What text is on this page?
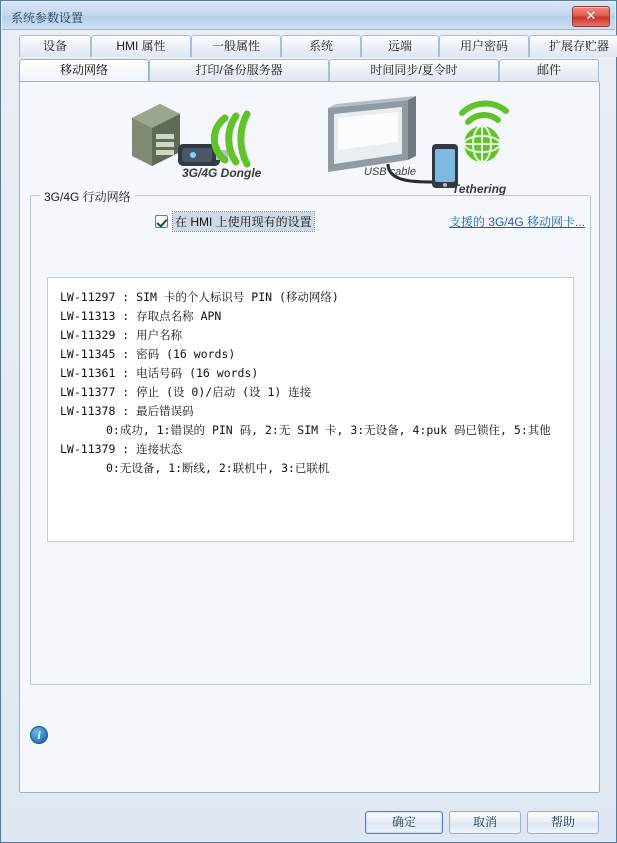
系统参数设置	✕
设备	HMI 属性	一般属性	系统	远端	用户密码	扩展存贮器
移动网络	打印/备份服务器	时间同步/夏令时	邮件
3G/4G Dongle	USB cable
Tethering
3G/4G 行动网络
在 HMI 上使用现有的设置	支援的 3G/4G 移动网卡...
LW-11297 : SIM 卡的个人标识号 PIN (移动网络)
LW-11313 : 存取点名称 APN
LW-11329 : 用户名称
LW-11345 : 密码 (16 words)
LW-11361 : 电话号码 (16 words)
LW-11377 : 停止 (设 0)/启动 (设 1) 连接
LW-11378 : 最后错误码
0:成功, 1:错误的 PIN 码, 2:无 SIM 卡, 3:无设备, 4:puk 码已锁住, 5:其他
LW-11379 : 连接状态
0:无设备, 1:断线, 2:联机中, 3:已联机
i
确定	取消	帮助
